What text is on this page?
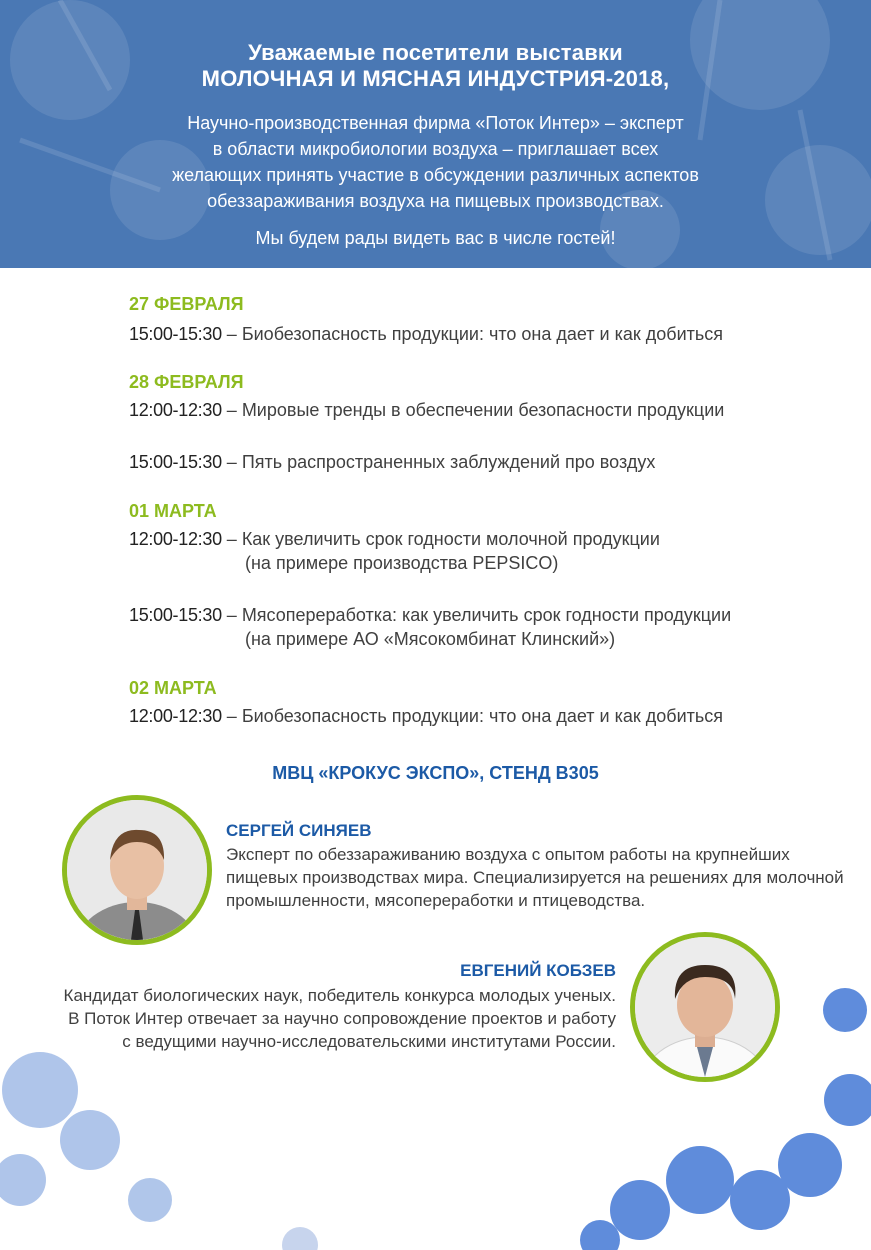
Уважаемые посетители выставки
МОЛОЧНАЯ И МЯСНАЯ ИНДУСТРИЯ-2018,

Научно-производственная фирма «Поток Интер» – эксперт
в области микробиологии воздуха – приглашает всех
желающих принять участие в обсуждении различных аспектов
обеззараживания воздуха на пищевых производствах.

Мы будем рады видеть вас в числе гостей!

27 ФЕВРАЛЯ
15:00-15:30 – Биобезопасность продукции: что она дает и как добиться
28 ФЕВРАЛЯ
12:00-12:30 – Мировые тренды в обеспечении безопасности продукции
15:00-15:30 – Пять распространенных заблуждений про воздух
01 МАРТА
12:00-12:30 – Как увеличить срок годности молочной продукции
(на примере производства PEPSICO)
15:00-15:30 – Мясопереработка: как увеличить срок годности продукции
(на примере АО «Мясокомбинат Клинский»)
02 МАРТА
12:00-12:30 – Биобезопасность продукции: что она дает и как добиться

МВЦ «КРОКУС ЭКСПО», СТЕНД B305

СЕРГЕЙ СИНЯЕВ

Эксперт по обеззараживанию воздуха с опытом работы на крупнейших
пищевых производствах мира. Специализируется на решениях для молочной
промышленности, мясопереработки и птицеводства.

ЕВГЕНИЙ КОБЗЕВ

Кандидат биологических наук, победитель конкурса молодых ученых.
В Поток Интер отвечает за научно сопровождение проектов и работу
с ведущими научно-исследовательскими институтами России.
